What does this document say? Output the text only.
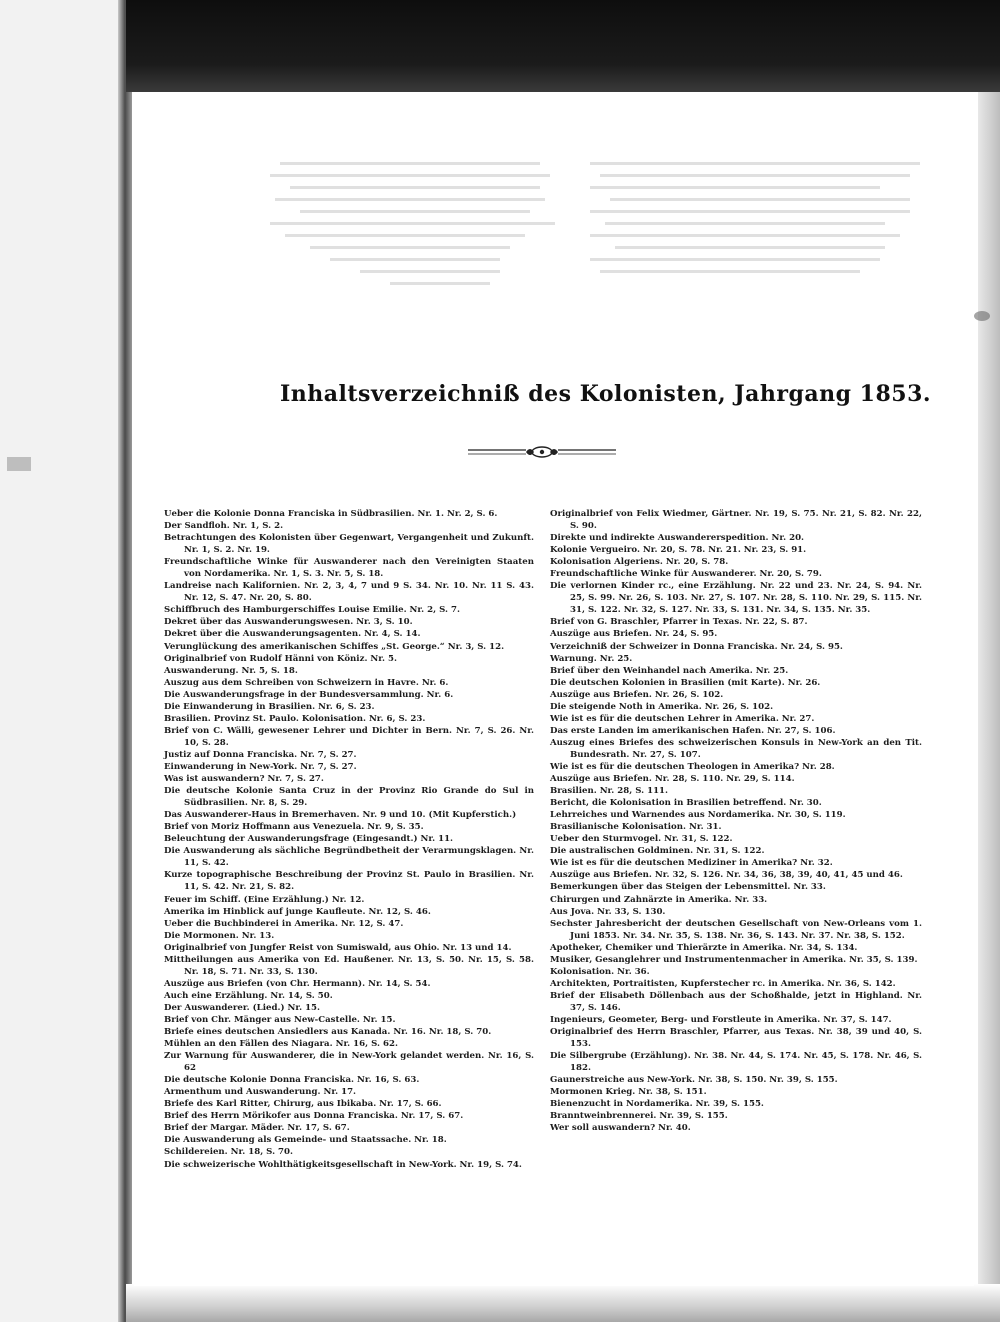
Inhaltsverzeichniß des Kolonisten, Jahrgang 1853.
Ueber die Kolonie Donna Franciska in Südbrasilien. Nr. 1. Nr. 2, S. 6.
Der Sandfloh. Nr. 1, S. 2.
Betrachtungen des Kolonisten über Gegenwart, Vergangenheit und Zukunft. Nr. 1, S. 2. Nr. 19.
Freundschaftliche Winke für Auswanderer nach den Vereinigten Staaten von Nordamerika. Nr. 1, S. 3. Nr. 5, S. 18.
Landreise nach Kalifornien. Nr. 2, 3, 4, 7 und 9 S. 34. Nr. 10. Nr. 11 S. 43. Nr. 12, S. 47. Nr. 20, S. 80.
Schiffbruch des Hamburgerschiffes Louise Emilie. Nr. 2, S. 7.
Dekret über das Auswanderungswesen. Nr. 3, S. 10.
Dekret über die Auswanderungsagenten. Nr. 4, S. 14.
Verunglückung des amerikanischen Schiffes „St. George.“ Nr. 3, S. 12.
Originalbrief von Rudolf Hänni von Köniz. Nr. 5.
Auswanderung. Nr. 5, S. 18.
Auszug aus dem Schreiben von Schweizern in Havre. Nr. 6.
Die Auswanderungsfrage in der Bundesversammlung. Nr. 6.
Die Einwanderung in Brasilien. Nr. 6, S. 23.
Brasilien. Provinz St. Paulo. Kolonisation. Nr. 6, S. 23.
Brief von C. Wälli, gewesener Lehrer und Dichter in Bern. Nr. 7, S. 26. Nr. 10, S. 28.
Justiz auf Donna Franciska. Nr. 7, S. 27.
Einwanderung in New-York. Nr. 7, S. 27.
Was ist auswandern? Nr. 7, S. 27.
Die deutsche Kolonie Santa Cruz in der Provinz Rio Grande do Sul in Südbrasilien. Nr. 8, S. 29.
Das Auswanderer-Haus in Bremerhaven. Nr. 9 und 10. (Mit Kupferstich.)
Brief von Moriz Hoffmann aus Venezuela. Nr. 9, S. 35.
Beleuchtung der Auswanderungsfrage (Eingesandt.) Nr. 11.
Die Auswanderung als sächliche Begründbetheit der Verarmungsklagen. Nr. 11, S. 42.
Kurze topographische Beschreibung der Provinz St. Paulo in Brasilien. Nr. 11, S. 42. Nr. 21, S. 82.
Feuer im Schiff. (Eine Erzählung.) Nr. 12.
Amerika im Hinblick auf junge Kaufleute. Nr. 12, S. 46.
Ueber die Buchbinderei in Amerika. Nr. 12, S. 47.
Die Mormonen. Nr. 13.
Originalbrief von Jungfer Reist von Sumiswald, aus Ohio. Nr. 13 und 14.
Mittheilungen aus Amerika von Ed. Haußener. Nr. 13, S. 50. Nr. 15, S. 58. Nr. 18, S. 71. Nr. 33, S. 130.
Auszüge aus Briefen (von Chr. Hermann). Nr. 14, S. 54.
Auch eine Erzählung. Nr. 14, S. 50.
Der Auswanderer. (Lied.) Nr. 15.
Brief von Chr. Mänger aus New-Castelle. Nr. 15.
Briefe eines deutschen Ansiedlers aus Kanada. Nr. 16. Nr. 18, S. 70.
Mühlen an den Fällen des Niagara. Nr. 16, S. 62.
Zur Warnung für Auswanderer, die in New-York gelandet werden. Nr. 16, S. 62
Die deutsche Kolonie Donna Franciska. Nr. 16, S. 63.
Armenthum und Auswanderung. Nr. 17.
Briefe des Karl Ritter, Chirurg, aus Ibikaba. Nr. 17, S. 66.
Brief des Herrn Mörikofer aus Donna Franciska. Nr. 17, S. 67.
Brief der Margar. Mäder. Nr. 17, S. 67.
Die Auswanderung als Gemeinde- und Staatssache. Nr. 18.
Schildereien. Nr. 18, S. 70.
Die schweizerische Wohlthätigkeitsgesellschaft in New-York. Nr. 19, S. 74.
Originalbrief von Felix Wiedmer, Gärtner. Nr. 19, S. 75. Nr. 21, S. 82. Nr. 22, S. 90.
Direkte und indirekte Auswandererspedition. Nr. 20.
Kolonie Vergueiro. Nr. 20, S. 78. Nr. 21. Nr. 23, S. 91.
Kolonisation Algeriens. Nr. 20, S. 78.
Freundschaftliche Winke für Auswanderer. Nr. 20, S. 79.
Die verlornen Kinder rc., eine Erzählung. Nr. 22 und 23. Nr. 24, S. 94. Nr. 25, S. 99. Nr. 26, S. 103. Nr. 27, S. 107. Nr. 28, S. 110. Nr. 29, S. 115. Nr. 31, S. 122. Nr. 32, S. 127. Nr. 33, S. 131. Nr. 34, S. 135. Nr. 35.
Brief von G. Braschler, Pfarrer in Texas. Nr. 22, S. 87.
Auszüge aus Briefen. Nr. 24, S. 95.
Verzeichniß der Schweizer in Donna Franciska. Nr. 24, S. 95.
Warnung. Nr. 25.
Brief über den Weinhandel nach Amerika. Nr. 25.
Die deutschen Kolonien in Brasilien (mit Karte). Nr. 26.
Auszüge aus Briefen. Nr. 26, S. 102.
Die steigende Noth in Amerika. Nr. 26, S. 102.
Wie ist es für die deutschen Lehrer in Amerika. Nr. 27.
Das erste Landen im amerikanischen Hafen. Nr. 27, S. 106.
Auszug eines Briefes des schweizerischen Konsuls in New-York an den Tit. Bundesrath. Nr. 27, S. 107.
Wie ist es für die deutschen Theologen in Amerika? Nr. 28.
Auszüge aus Briefen. Nr. 28, S. 110. Nr. 29, S. 114.
Brasilien. Nr. 28, S. 111.
Bericht, die Kolonisation in Brasilien betreffend. Nr. 30.
Lehrreiches und Warnendes aus Nordamerika. Nr. 30, S. 119.
Brasilianische Kolonisation. Nr. 31.
Ueber den Sturmvogel. Nr. 31, S. 122.
Die australischen Goldminen. Nr. 31, S. 122.
Wie ist es für die deutschen Mediziner in Amerika? Nr. 32.
Auszüge aus Briefen. Nr. 32, S. 126. Nr. 34, 36, 38, 39, 40, 41, 45 und 46.
Bemerkungen über das Steigen der Lebensmittel. Nr. 33.
Chirurgen und Zahnärzte in Amerika. Nr. 33.
Aus Jova. Nr. 33, S. 130.
Sechster Jahresbericht der deutschen Gesellschaft von New-Orleans vom 1. Juni 1853. Nr. 34. Nr. 35, S. 138. Nr. 36, S. 143. Nr. 37. Nr. 38, S. 152.
Apotheker, Chemiker und Thierärzte in Amerika. Nr. 34, S. 134.
Musiker, Gesanglehrer und Instrumentenmacher in Amerika. Nr. 35, S. 139.
Kolonisation. Nr. 36.
Architekten, Portraitisten, Kupferstecher rc. in Amerika. Nr. 36, S. 142.
Brief der Elisabeth Döllenbach aus der Schoßhalde, jetzt in Highland. Nr. 37, S. 146.
Ingenieurs, Geometer, Berg- und Forstleute in Amerika. Nr. 37, S. 147.
Originalbrief des Herrn Braschler, Pfarrer, aus Texas. Nr. 38, 39 und 40, S. 153.
Die Silbergrube (Erzählung). Nr. 38. Nr. 44, S. 174. Nr. 45, S. 178. Nr. 46, S. 182.
Gaunerstreiche aus New-York. Nr. 38, S. 150. Nr. 39, S. 155.
Mormonen Krieg. Nr. 38, S. 151.
Bienenzucht in Nordamerika. Nr. 39, S. 155.
Branntweinbrennerei. Nr. 39, S. 155.
Wer soll auswandern? Nr. 40.
